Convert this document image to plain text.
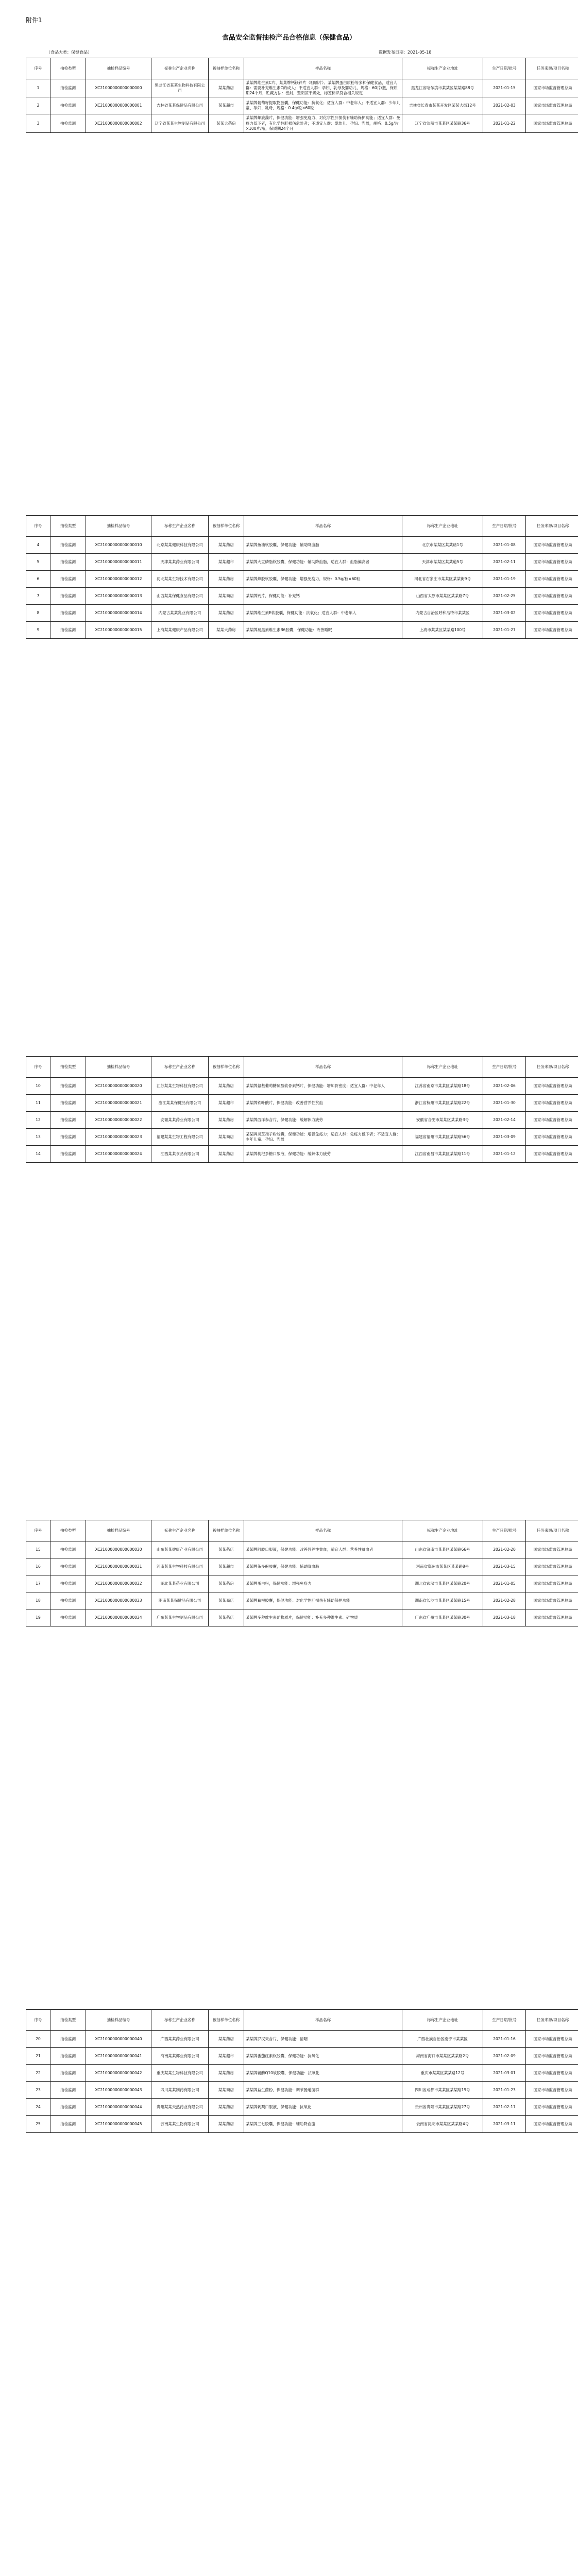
附件1
食品安全监督抽检产品合格信息（保健食品）
（食品大类：保健食品）	数据发布日期：2021-05-18
序号	抽检类型	抽检样品编号	标称生产企业名称	被抽样单位名称	样品名称	标称生产企业地址	生产日期/批号	任务来源/项目名称
1	抽检监测	XC21000000000000000	黑龙江省某某生物科技有限公司	某某药店	某某牌维生素C片、某某牌钙镁锌片（咀嚼片）、某某牌蛋白质粉等多种保健食品，适宜人群：需要补充维生素C的成人；不适宜人群：孕妇、乳母及婴幼儿，规格：60片/瓶，保质期24个月，贮藏方法：密封，置阴凉干燥处，标签标识符合相关规定	黑龙江省哈尔滨市某某区某某路88号	2021-01-15	国家市场监督管理总局
2	抽检监测	XC21000000000000001	吉林省某某保健品有限公司	某某超市	某某牌葡萄籽提取物胶囊，保健功能：抗氧化；适宜人群：中老年人；不适宜人群：少年儿童、孕妇、乳母，规格：0.4g/粒×60粒	吉林省长春市某某开发区某某大街12号	2021-02-03	国家市场监督管理总局
3	抽检监测	XC21000000000000002	辽宁省某某生物制品有限公司	某某大药房	某某牌螺旋藻片，保健功能：增强免疫力、对化学性肝损伤有辅助保护功能；适宜人群：免疫力低下者，有化学性肝损伤危险者；不适宜人群：婴幼儿、孕妇、乳母，规格：0.5g/片×100片/瓶，保质期24个月	辽宁省沈阳市某某区某某路36号	2021-01-22	国家市场监督管理总局
序号	抽检类型	抽检样品编号	标称生产企业名称	被抽样单位名称	样品名称	标称生产企业地址	生产日期/批号	任务来源/项目名称
4	抽检监测	XC21000000000000010	北京某某健康科技有限公司	某某药店	某某牌鱼油软胶囊，保健功能：辅助降血脂	北京市某某区某某路1号	2021-01-08	国家市场监督管理总局
5	抽检监测	XC21000000000000011	天津某某药业有限公司	某某超市	某某牌大豆磷脂软胶囊，保健功能：辅助降血脂，适宜人群：血脂偏高者	天津市某某区某某道5号	2021-02-11	国家市场监督管理总局
6	抽检监测	XC21000000000000012	河北某某生物技术有限公司	某某药房	某某牌蜂胶软胶囊，保健功能：增强免疫力，规格：0.5g/粒×60粒	河北省石家庄市某某区某某街9号	2021-01-19	国家市场监督管理总局
7	抽检监测	XC21000000000000013	山西某某保健食品有限公司	某某商店	某某牌钙片，保健功能：补充钙	山西省太原市某某区某某路7号	2021-02-25	国家市场监督管理总局
8	抽检监测	XC21000000000000014	内蒙古某某乳业有限公司	某某药店	某某牌维生素E软胶囊，保健功能：抗氧化；适宜人群：中老年人	内蒙古自治区呼和浩特市某某区	2021-03-02	国家市场监督管理总局
9	抽检监测	XC21000000000000015	上海某某健康产品有限公司	某某大药房	某某牌褪黑素维生素B6胶囊，保健功能：改善睡眠	上海市某某区某某路100号	2021-01-27	国家市场监督管理总局
序号	抽检类型	抽检样品编号	标称生产企业名称	被抽样单位名称	样品名称	标称生产企业地址	生产日期/批号	任务来源/项目名称
10	抽检监测	XC21000000000000020	江苏某某生物科技有限公司	某某药店	某某牌氨基葡萄糖硫酸软骨素钙片，保健功能：增加骨密度；适宜人群：中老年人	江苏省南京市某某区某某路18号	2021-02-06	国家市场监督管理总局
11	抽检监测	XC21000000000000021	浙江某某保健品有限公司	某某超市	某某牌铁叶酸片，保健功能：改善营养性贫血	浙江省杭州市某某区某某路22号	2021-01-30	国家市场监督管理总局
12	抽检监测	XC21000000000000022	安徽某某药业有限公司	某某药房	某某牌西洋参含片，保健功能：缓解体力疲劳	安徽省合肥市某某区某某路3号	2021-02-14	国家市场监督管理总局
13	抽检监测	XC21000000000000023	福建某某生物工程有限公司	某某商店	某某牌灵芝孢子粉胶囊，保健功能：增强免疫力；适宜人群：免疫力低下者；不适宜人群：少年儿童、孕妇、乳母	福建省福州市某某区某某路56号	2021-03-09	国家市场监督管理总局
14	抽检监测	XC21000000000000024	江西某某食品有限公司	某某药店	某某牌枸杞多糖口服液，保健功能：缓解体力疲劳	江西省南昌市某某区某某路11号	2021-01-12	国家市场监督管理总局
序号	抽检类型	抽检样品编号	标称生产企业名称	被抽样单位名称	样品名称	标称生产企业地址	生产日期/批号	任务来源/项目名称
15	抽检监测	XC21000000000000030	山东某某健康产业有限公司	某某药店	某某牌阿胶口服液，保健功能：改善营养性贫血；适宜人群：营养性贫血者	山东省济南市某某区某某路66号	2021-02-20	国家市场监督管理总局
16	抽检监测	XC21000000000000031	河南某某生物科技有限公司	某某超市	某某牌茶多酚胶囊，保健功能：辅助降血脂	河南省郑州市某某区某某路8号	2021-03-15	国家市场监督管理总局
17	抽检监测	XC21000000000000032	湖北某某药业有限公司	某某药房	某某牌蛋白粉，保健功能：增强免疫力	湖北省武汉市某某区某某路20号	2021-01-05	国家市场监督管理总局
18	抽检监测	XC21000000000000033	湖南某某保健品有限公司	某某商店	某某牌葛根胶囊，保健功能：对化学性肝损伤有辅助保护功能	湖南省长沙市某某区某某路15号	2021-02-28	国家市场监督管理总局
19	抽检监测	XC21000000000000034	广东某某生物制品有限公司	某某药店	某某牌多种维生素矿物质片，保健功能：补充多种维生素、矿物质	广东省广州市某某区某某路30号	2021-03-18	国家市场监督管理总局
序号	抽检类型	抽检样品编号	标称生产企业名称	被抽样单位名称	样品名称	标称生产企业地址	生产日期/批号	任务来源/项目名称
20	抽检监测	XC21000000000000040	广西某某药业有限公司	某某药店	某某牌罗汉果含片，保健功能：清咽	广西壮族自治区南宁市某某区	2021-01-16	国家市场监督管理总局
21	抽检监测	XC21000000000000041	海南某某椰业有限公司	某某超市	某某牌番茄红素软胶囊，保健功能：抗氧化	海南省海口市某某区某某路2号	2021-02-09	国家市场监督管理总局
22	抽检监测	XC21000000000000042	重庆某某生物科技有限公司	某某药房	某某牌辅酶Q10软胶囊，保健功能：抗氧化	重庆市某某区某某路12号	2021-03-01	国家市场监督管理总局
23	抽检监测	XC21000000000000043	四川某某制药有限公司	某某商店	某某牌益生菌粉，保健功能：调节肠道菌群	四川省成都市某某区某某路19号	2021-01-23	国家市场监督管理总局
24	抽检监测	XC21000000000000044	贵州某某天然药业有限公司	某某药店	某某牌刺梨口服液，保健功能：抗氧化	贵州省贵阳市某某区某某路27号	2021-02-17	国家市场监督管理总局
25	抽检监测	XC21000000000000045	云南某某生物有限公司	某某药店	某某牌三七胶囊，保健功能：辅助降血脂	云南省昆明市某某区某某路4号	2021-03-11	国家市场监督管理总局
